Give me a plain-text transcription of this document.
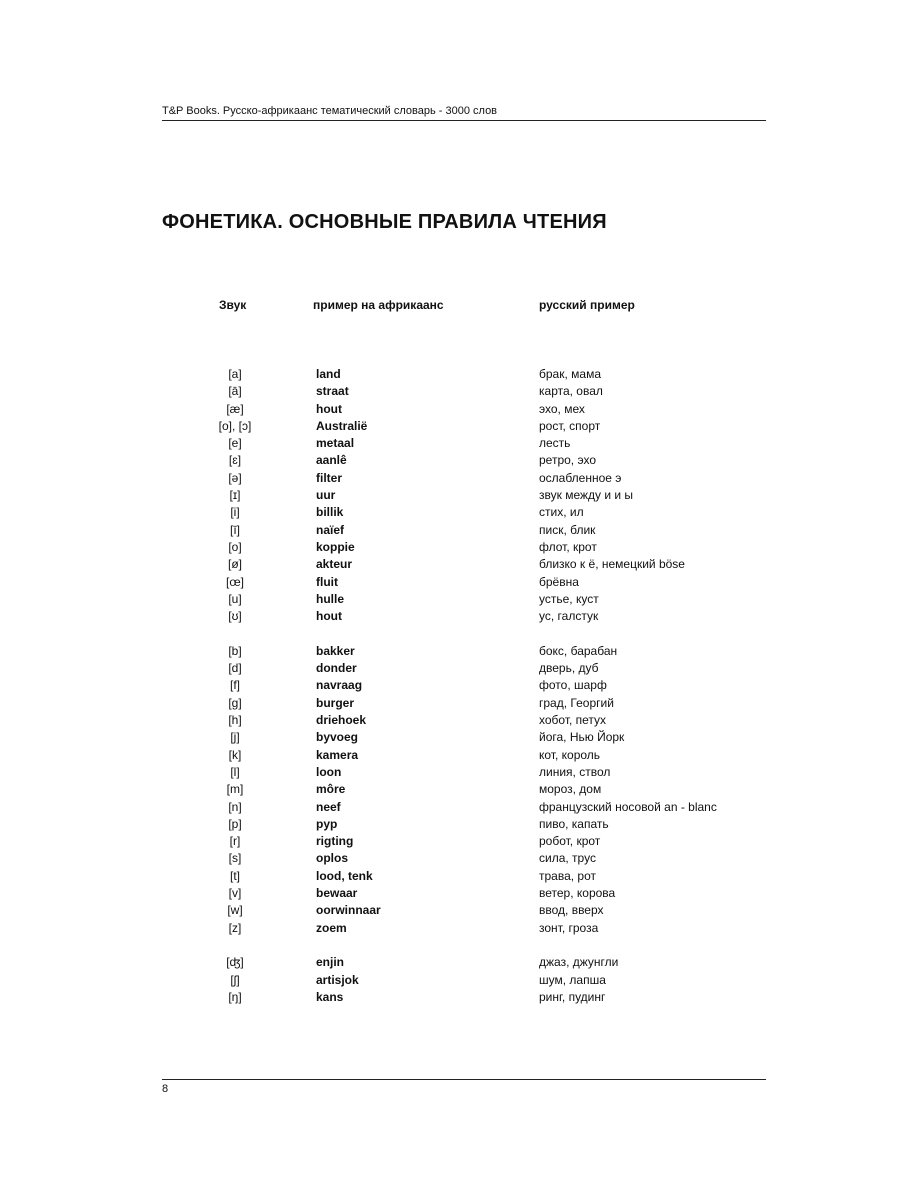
T&P Books. Русско-африкаанс тематический словарь - 3000 слов
ФОНЕТИКА. ОСНОВНЫЕ ПРАВИЛА ЧТЕНИЯ
Звук	пример на африкаанс	русский пример
[a]	land	брак, мама
[ā]	straat	карта, овал
[æ]	hout	эхо, мех
[o], [ɔ]	Australië	рост, спорт
[e]	metaal	лесть
[ɛ]	aanlê	ретро, эхо
[ə]	filter	ослабленное э
[ɪ]	uur	звук между и и ы
[i]	billik	стих, ил
[ī]	naïef	писк, блик
[o]	koppie	флот, крот
[ø]	akteur	близко к ё, немецкий böse
[œ]	fluit	брёвна
[u]	hulle	устье, куст
[ʊ]	hout	ус, галстук
[b]	bakker	бокс, барабан
[d]	donder	дверь, дуб
[f]	navraag	фото, шарф
[g]	burger	град, Георгий
[h]	driehoek	хобот, петух
[j]	byvoeg	йога, Нью Йорк
[k]	kamera	кот, король
[l]	loon	линия, ствол
[m]	môre	мороз, дом
[n]	neef	французский носовой an - blanc
[p]	pyp	пиво, капать
[r]	rigting	робот, крот
[s]	oplos	сила, трус
[t]	lood, tenk	трава, рот
[v]	bewaar	ветер, корова
[w]	oorwinnaar	ввод, вверх
[z]	zoem	зонт, гроза
[ʤ]	enjin	джаз, джунгли
[ʃ]	artisjok	шум, лапша
[ŋ]	kans	ринг, пудинг
8
